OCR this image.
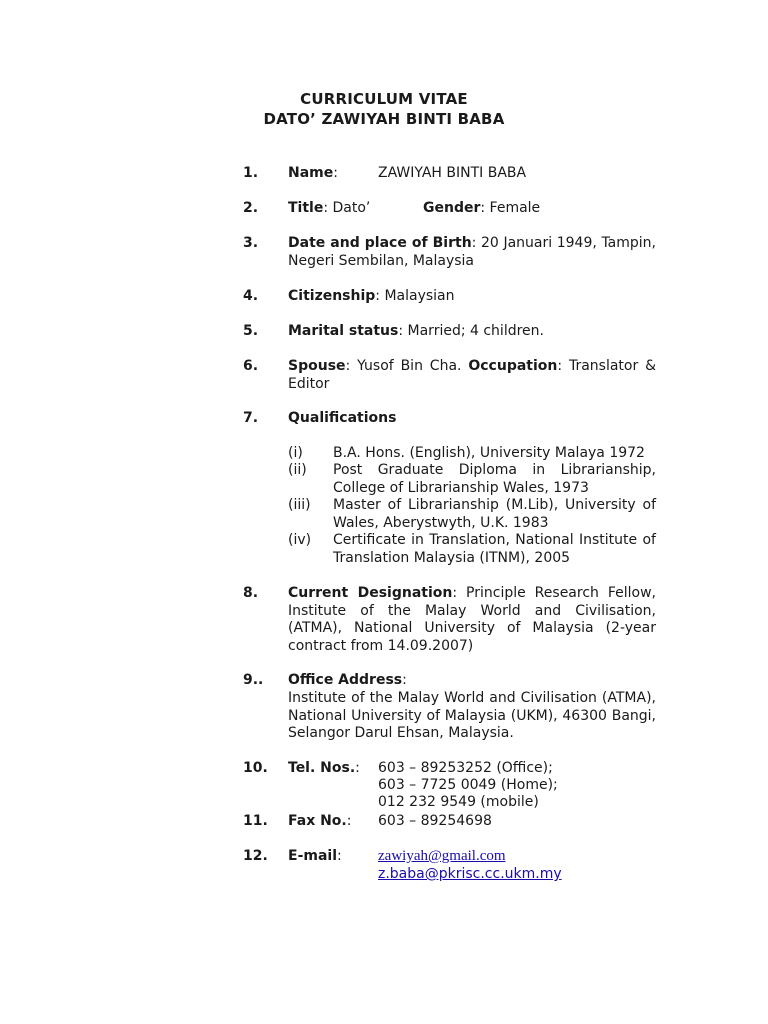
CURRICULUM VITAE
DATO’ ZAWIYAH BINTI BABA
1. Name:	ZAWIYAH BINTI BABA
2. Title: Dato’	Gender: Female
3. Date and place of Birth: 20 Januari 1949, Tampin, Negeri Sembilan, Malaysia
4. Citizenship: Malaysian
5. Marital status: Married; 4 children.
6. Spouse: Yusof Bin Cha. Occupation: Translator & Editor
7. Qualifications
(i) B.A. Hons. (English), University Malaya 1972
(ii) Post Graduate Diploma in Librarianship, College of Librarianship Wales, 1973
(iii) Master of Librarianship (M.Lib), University of Wales, Aberystwyth, U.K. 1983
(iv) Certificate in Translation, National Institute of Translation Malaysia (ITNM), 2005
8. Current Designation: Principle Research Fellow, Institute of the Malay World and Civilisation, (ATMA), National University of Malaysia (2-year contract from 14.09.2007)
9.. Office Address:
Institute of the Malay World and Civilisation (ATMA), National University of Malaysia (UKM), 46300 Bangi, Selangor Darul Ehsan, Malaysia.
10. Tel. Nos.:	603 – 89253252 (Office);
603 – 7725 0049 (Home);
012 232 9549 (mobile)
11. Fax No.:	603 – 89254698
12. E-mail:	zawiyah@gmail.com
z.baba@pkrisc.cc.ukm.my
